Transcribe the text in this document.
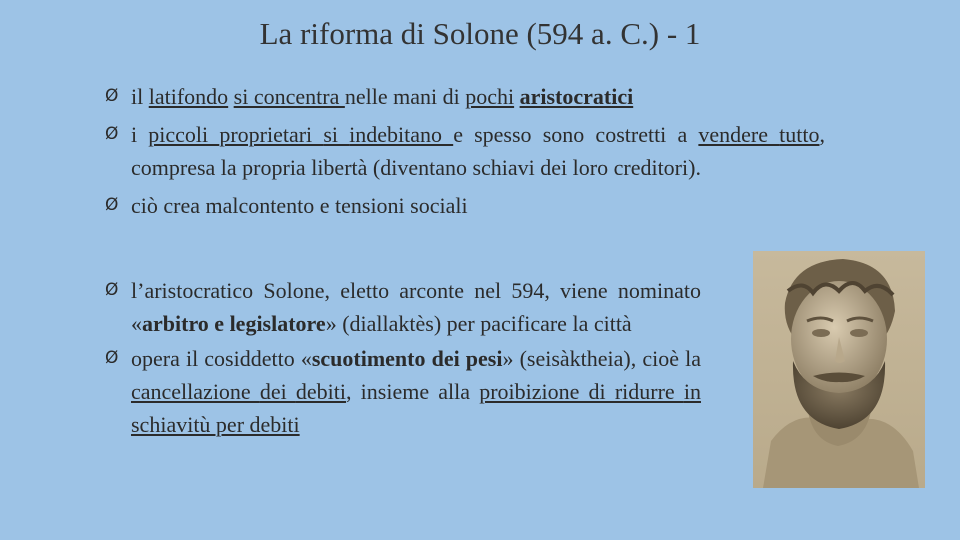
La riforma di Solone (594 a. C.) - 1
Ø il latifondo si concentra nelle mani di pochi aristocratici
Ø i piccoli proprietari si indebitano e spesso sono costretti a vendere tutto, compresa la propria libertà (diventano schiavi dei loro creditori).
Ø ciò crea malcontento e tensioni sociali
Ø l’aristocratico Solone, eletto arconte nel 594, viene nominato «arbitro e legislatore» (diallaktès) per pacificare la città
Ø opera il cosiddetto «scuotimento dei pesi» (seisàktheia), cioè la cancellazione dei debiti, insieme alla proibizione di ridurre in schiavitù per debiti
